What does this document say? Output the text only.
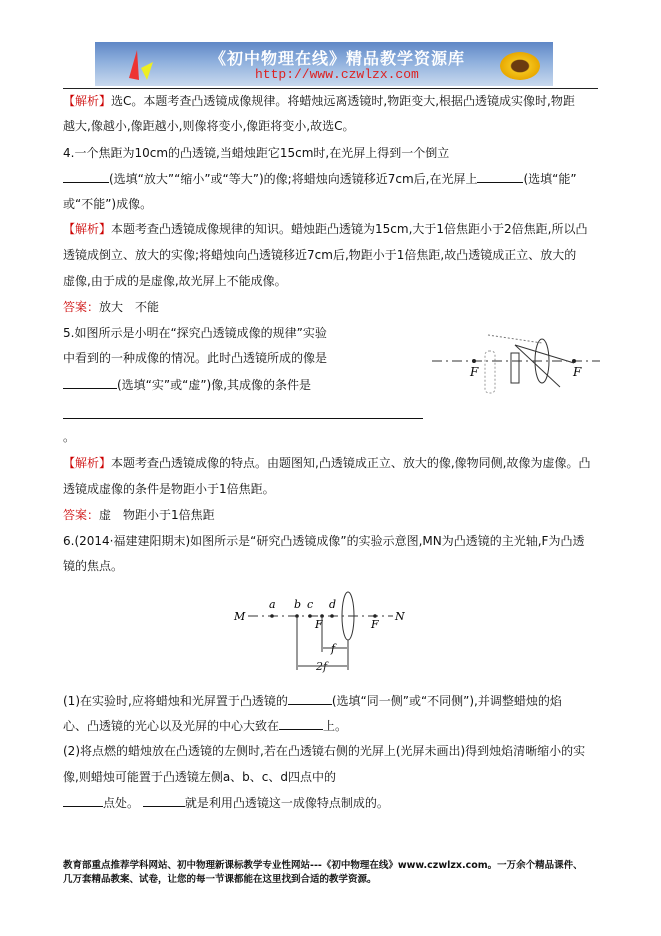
《初中物理在线》精品教学资源库
http://www.czwlzx.com
【解析】选C。本题考查凸透镜成像规律。将蜡烛远离透镜时,物距变大,根据凸透镜成实像时,物距
越大,像越小,像距越小,则像将变小,像距将变小,故选C。
4.一个焦距为10cm的凸透镜,当蜡烛距它15cm时,在光屏上得到一个倒立
(选填“放大”“缩小”或“等大”)的像;将蜡烛向透镜移近7cm后,在光屏上	(选填“能”
或“不能”)成像。
【解析】本题考查凸透镜成像规律的知识。蜡烛距凸透镜为15cm,大于1倍焦距小于2倍焦距,所以凸
透镜成倒立、放大的实像;将蜡烛向凸透镜移近7cm后,物距小于1倍焦距,故凸透镜成正立、放大的
虚像,由于成的是虚像,故光屏上不能成像。
答案：放大　不能
5.如图所示是小明在“探究凸透镜成像的规律”实验
中看到的一种成像的情况。此时凸透镜所成的像是
(选填“实”或“虚”)像,其成像的条件是
。
F	F
【解析】本题考查凸透镜成像的特点。由题图知,凸透镜成正立、放大的像,像物同侧,故像为虚像。凸
透镜成虚像的条件是物距小于1倍焦距。
答案：虚　物距小于1倍焦距
6.(2014·福建建阳期末)如图所示是“研究凸透镜成像”的实验示意图,MN为凸透镜的主光轴,F为凸透
镜的焦点。
M	N
a b c
F
d
F
f
2f
(1)在实验时,应将蜡烛和光屏置于凸透镜的	(选填“同一侧”或“不同侧”),并调整蜡烛的焰
心、凸透镜的光心以及光屏的中心大致在	上。
(2)将点燃的蜡烛放在凸透镜的左侧时,若在凸透镜右侧的光屏上(光屏未画出)得到烛焰清晰缩小的实
像,则蜡烛可能置于凸透镜左侧a、b、c、d四点中的
点处。	就是利用凸透镜这一成像特点制成的。
教育部重点推荐学科网站、初中物理新课标教学专业性网站---《初中物理在线》www.czwlzx.com。一万余个精品课件、
几万套精品教案、试卷，让您的每一节课都能在这里找到合适的教学资源。
